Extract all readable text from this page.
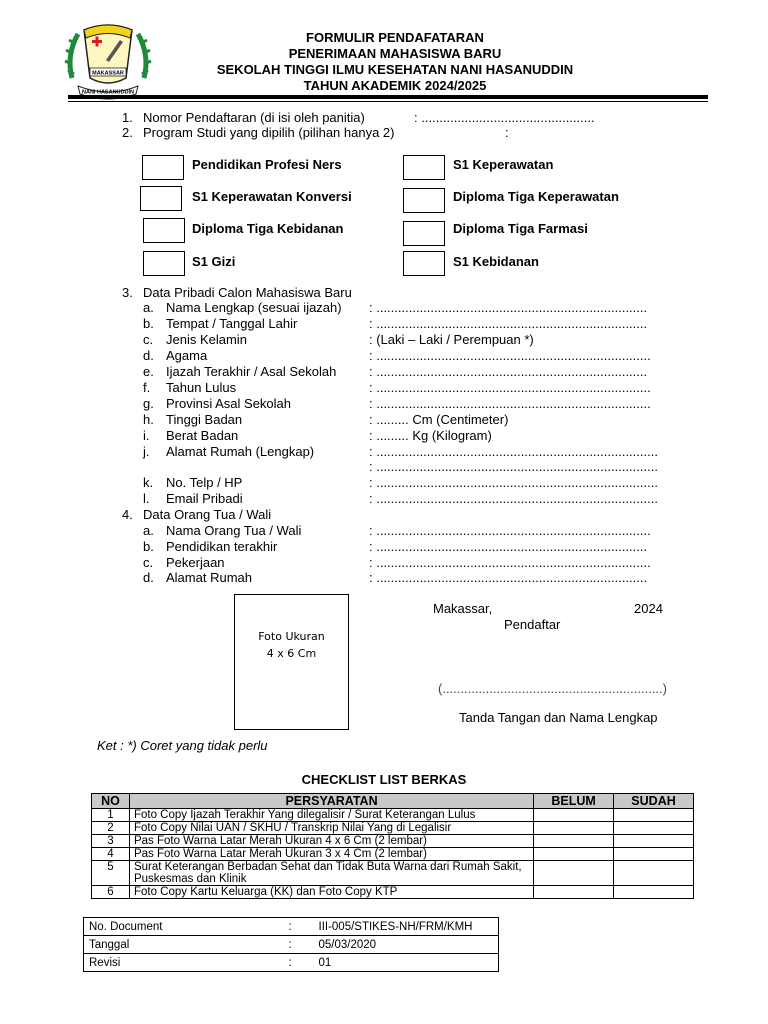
MAKASSAR
NANI HASANUDDIN
FORMULIR PENDAFATARAN
PENERIMAAN MAHASISWA BARU
SEKOLAH TINGGI ILMU KESEHATAN NANI HASANUDDIN
TAHUN AKADEMIK 2024/2025
1. Nomor Pendaftaran (di isi oleh panitia)	: ................................................
2. Program Studi yang dipilih (pilihan hanya 2)	:
Pendidikan Profesi Ners	S1 Keperawatan
S1 Keperawatan Konversi	Diploma Tiga Keperawatan
Diploma Tiga Kebidanan	Diploma Tiga Farmasi
S1 Gizi	S1 Kebidanan
3. Data Pribadi Calon Mahasiswa Baru
a. Nama Lengkap (sesuai ijazah) : ...........................................................................
b. Tempat / Tanggal Lahir	: ...........................................................................
c. Jenis Kelamin	: (Laki – Laki / Perempuan *)
d. Agama	: ............................................................................
e. Ijazah Terakhir / Asal Sekolah	: ...........................................................................
f. Tahun Lulus	: ............................................................................
g. Provinsi Asal Sekolah	: ............................................................................
h. Tinggi Badan	: ......... Cm (Centimeter)
i. Berat Badan	: ......... Kg (Kilogram)
j. Alamat Rumah (Lengkap)	: ..............................................................................
: ..............................................................................
k. No. Telp / HP	: ..............................................................................
l. Email Pribadi	: ..............................................................................
4. Data Orang Tua / Wali
a. Nama Orang Tua / Wali	: ............................................................................
b. Pendidikan terakhir	: ...........................................................................
c. Pekerjaan	: ............................................................................
d. Alamat Rumah	: ...........................................................................
Foto Ukuran
4 x 6 Cm
Makassar,	2024
Pendaftar
(.............................................................)
Tanda Tangan dan Nama Lengkap
Ket : *) Coret yang tidak perlu
CHECKLIST LIST BERKAS
NO	PERSYARATAN	BELUM	SUDAH
1	Foto Copy Ijazah Terakhir Yang dilegalisir / Surat Keterangan Lulus		
2	Foto Copy Nilai UAN / SKHU / Transkrip Nilai Yang di Legalisir		
3	Pas Foto Warna Latar Merah Ukuran 4 x 6 Cm (2 lembar)		
4	Pas Foto Warna Latar Merah Ukuran 3 x 4 Cm (2 lembar)		
5	Surat Keterangan Berbadan Sehat dan Tidak Buta Warna dari Rumah Sakit, Puskesmas dan Klinik		
6	Foto Copy Kartu Keluarga (KK) dan Foto Copy KTP		
No. Document	:	III-005/STIKES-NH/FRM/KMH
Tanggal	:	05/03/2020
Revisi	:	01
